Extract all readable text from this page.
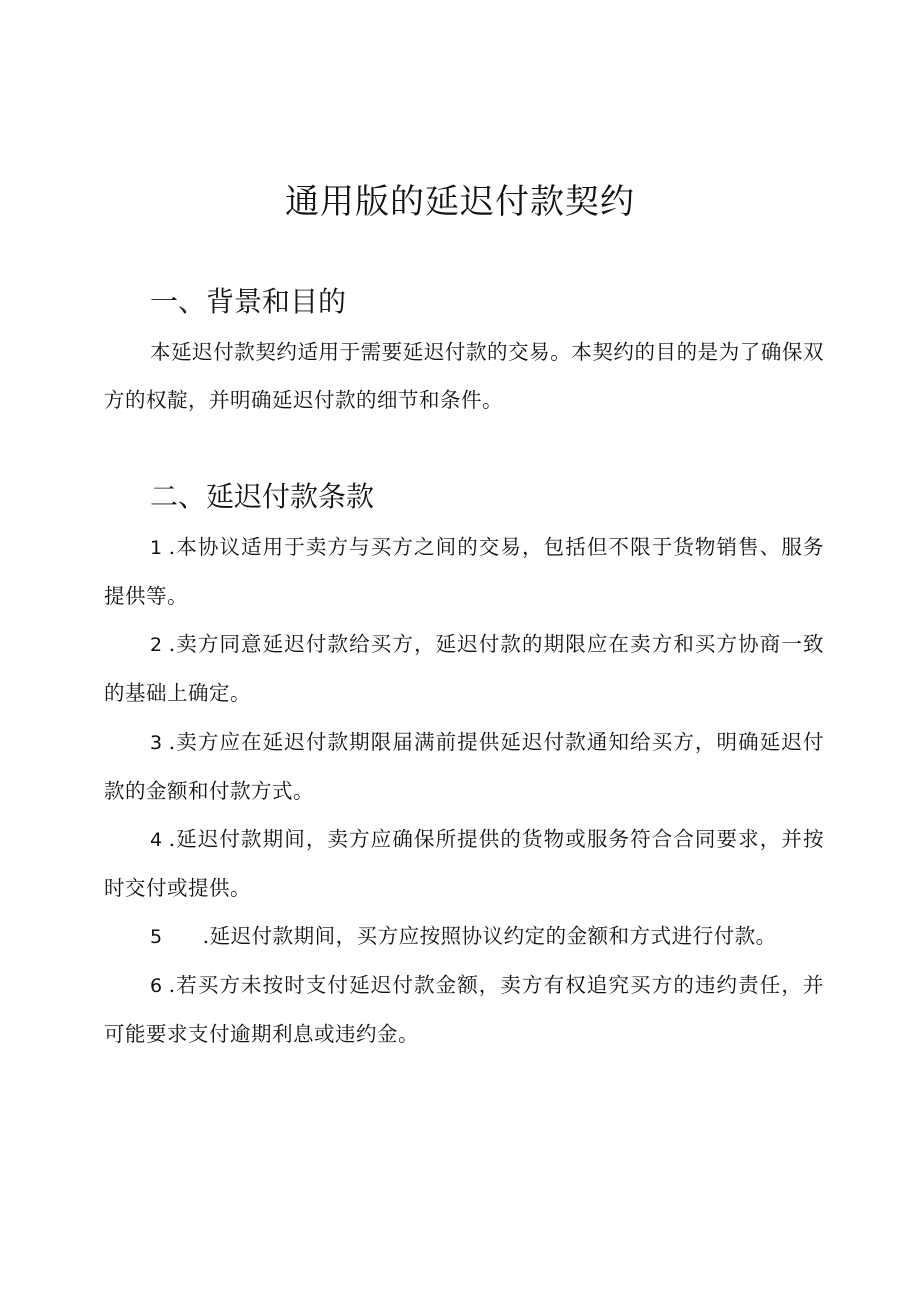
通用版的延迟付款契约
一、背景和目的

本延迟付款契约适用于需要延迟付款的交易。本契约的目的是为了确保双方的权靛，并明确延迟付款的细节和条件。

二、延迟付款条款

1 .本协议适用于卖方与买方之间的交易，包括但不限于货物销售、服务提供等。

2 .卖方同意延迟付款给买方，延迟付款的期限应在卖方和买方协商一致的基础上确定。

3 .卖方应在延迟付款期限届满前提供延迟付款通知给买方，明确延迟付款的金额和付款方式。

4 .延迟付款期间，卖方应确保所提供的货物或服务符合合同要求，并按时交付或提供。

5 .延迟付款期间，买方应按照协议约定的金额和方式进行付款。

6 .若买方未按时支付延迟付款金额，卖方有权追究买方的违约责任，并可能要求支付逾期利息或违约金。
